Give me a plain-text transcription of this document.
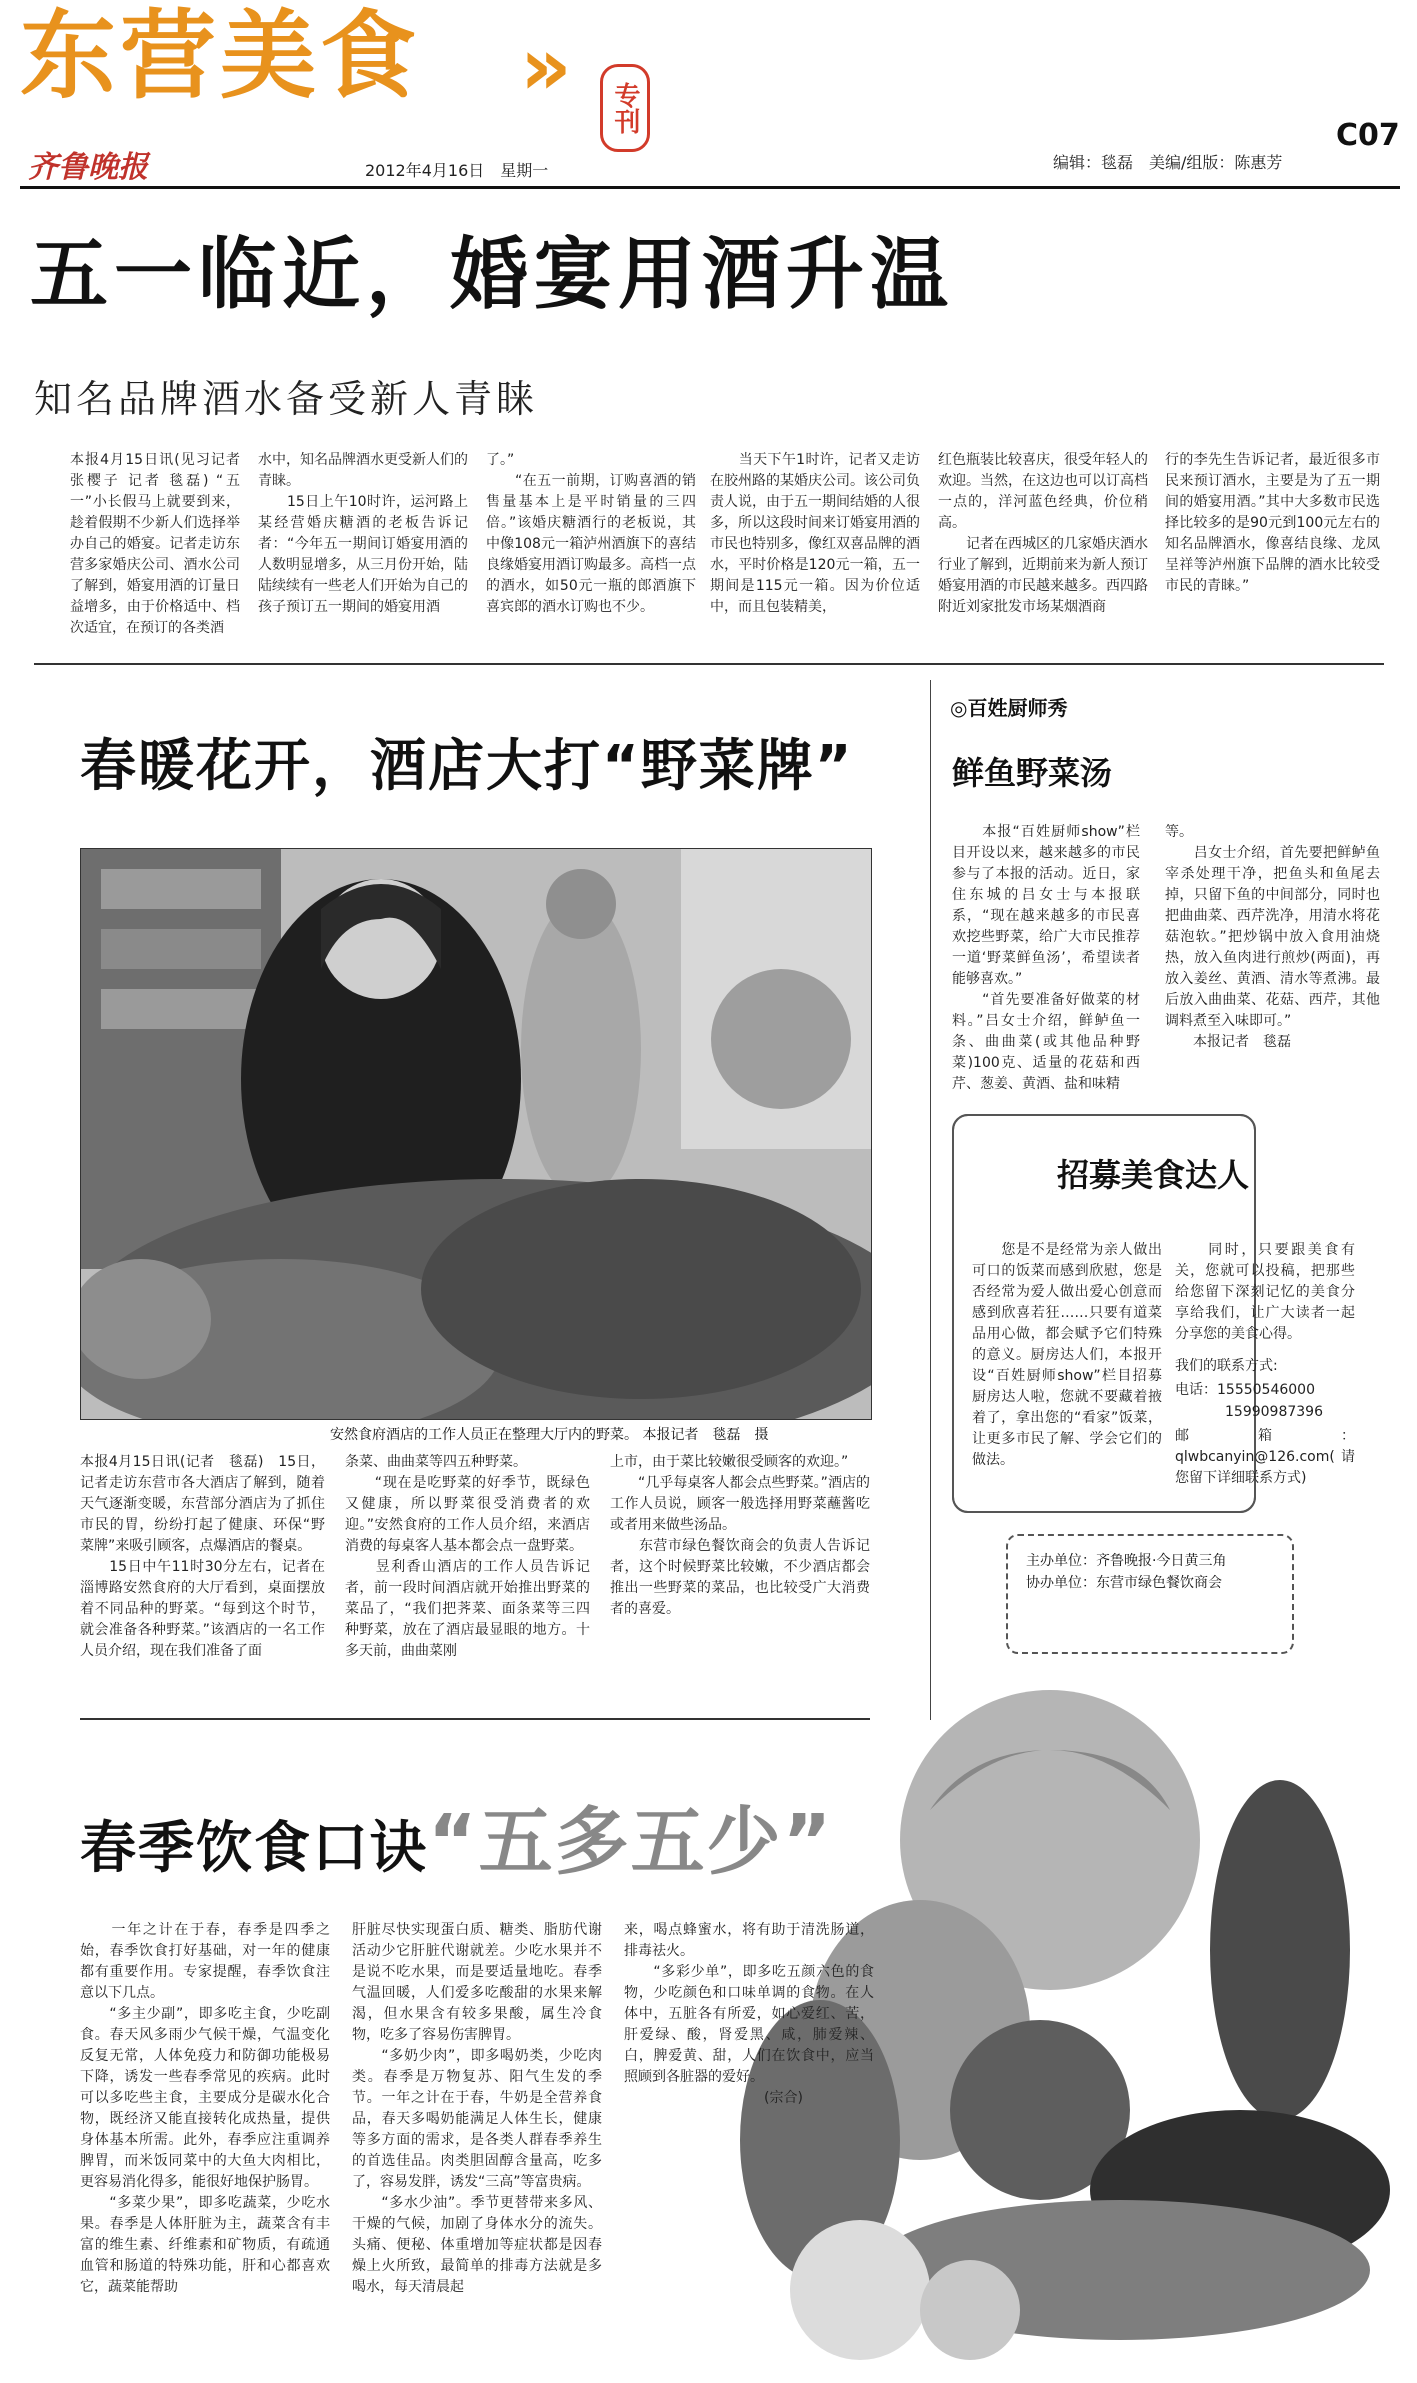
东营美食 »	专刊
齐鲁晚报	2012年4月16日　星期一	编辑：毯磊　美编/组版：陈惠芳
C07
五一临近，婚宴用酒升温
知名品牌酒水备受新人青睐
本报4月15日讯(见习记者 张樱子 记者 毯磊) “五一”小长假马上就要到来，趁着假期不少新人们选择举办自己的婚宴。记者走访东营多家婚庆公司、酒水公司了解到，婚宴用酒的订量日益增多，由于价格适中、档次适宜，在预订的各类酒
水中，知名品牌酒水更受新人们的青睐。
　　15日上午10时许，运河路上某经营婚庆糖酒的老板告诉记者：“今年五一期间订婚宴用酒的人数明显增多，从三月份开始，陆陆续续有一些老人们开始为自己的孩子预订五一期间的婚宴用酒
了。”
　　“在五一前期，订购喜酒的销售量基本上是平时销量的三四倍。”该婚庆糖酒行的老板说，其中像108元一箱泸州酒旗下的喜结良缘婚宴用酒订购最多。高档一点的酒水，如50元一瓶的郎酒旗下喜宾郎的酒水订购也不少。
　　当天下午1时许，记者又走访在胶州路的某婚庆公司。该公司负责人说，由于五一期间结婚的人很多，所以这段时间来订婚宴用酒的市民也特别多，像红双喜品牌的酒水，平时价格是120元一箱，五一期间是115元一箱。因为价位适中，而且包装精美，
红色瓶装比较喜庆，很受年轻人的欢迎。当然，在这边也可以订高档一点的，洋河蓝色经典，价位稍高。
　　记者在西城区的几家婚庆酒水行业了解到，近期前来为新人预订婚宴用酒的市民越来越多。西四路附近刘家批发市场某烟酒商
行的李先生告诉记者，最近很多市民来预订酒水，主要是为了五一期间的婚宴用酒。”其中大多数市民选择比较多的是90元到100元左右的知名品牌酒水，像喜结良缘、龙凤呈祥等泸州旗下品牌的酒水比较受市民的青睐。”
春暖花开，酒店大打“野菜牌”
安然食府酒店的工作人员正在整理大厅内的野菜。 本报记者　毯磊　摄
本报4月15日讯(记者　毯磊)　15日，记者走访东营市各大酒店了解到，随着天气逐渐变暖，东营部分酒店为了抓住市民的胃，纷纷打起了健康、环保“野菜牌”来吸引顾客，点爆酒店的餐桌。
　　15日中午11时30分左右，记者在淄博路安然食府的大厅看到，桌面摆放着不同品种的野菜。“每到这个时节，就会准备各种野菜。”该酒店的一名工作人员介绍，现在我们准备了面
条菜、曲曲菜等四五种野菜。
　　“现在是吃野菜的好季节，既绿色又健康，所以野菜很受消费者的欢迎。”安然食府的工作人员介绍，来酒店消费的每桌客人基本都会点一盘野菜。
　　昱利香山酒店的工作人员告诉记者，前一段时间酒店就开始推出野菜的菜品了，“我们把荠菜、面条菜等三四种野菜，放在了酒店最显眼的地方。十多天前，曲曲菜刚
上市，由于菜比较嫩很受顾客的欢迎。”
　　“几乎每桌客人都会点些野菜。”酒店的工作人员说，顾客一般选择用野菜蘸酱吃或者用来做些汤品。
　　东营市绿色餐饮商会的负责人告诉记者，这个时候野菜比较嫩，不少酒店都会推出一些野菜的菜品，也比较受广大消费者的喜爱。
◎百姓厨师秀
鲜鱼野菜汤
　　本报“百姓厨师show”栏目开设以来，越来越多的市民参与了本报的活动。近日，家住东城的吕女士与本报联系，“现在越来越多的市民喜欢挖些野菜，给广大市民推荐一道‘野菜鲜鱼汤’，希望读者能够喜欢。”
　　“首先要准备好做菜的材料。”吕女士介绍，鲜鲈鱼一条、曲曲菜(或其他品种野菜)100克、适量的花菇和西芹、葱姜、黄酒、盐和味精
等。
　　吕女士介绍，首先要把鲜鲈鱼宰杀处理干净，把鱼头和鱼尾去掉，只留下鱼的中间部分，同时也把曲曲菜、西芹洗净，用清水将花菇泡软。”把炒锅中放入食用油烧热，放入鱼肉进行煎炒(两面)，再放入姜丝、黄酒、清水等煮沸。最后放入曲曲菜、花菇、西芹，其他调料煮至入味即可。”
　　本报记者　毯磊
招募美食达人
　　您是不是经常为亲人做出可口的饭菜而感到欣慰，您是否经常为爱人做出爱心创意而感到欣喜若狂……只要有道菜品用心做，都会赋予它们特殊的意义。厨房达人们，本报开设“百姓厨师show”栏目招募厨房达人啦，您就不要藏着掖着了，拿出您的“看家”饭菜，让更多市民了解、学会它们的做法。
　　同时，只要跟美食有关，您就可以投稿，把那些给您留下深刻记忆的美食分享给我们，让广大读者一起分享您的美食心得。
我们的联系方式:
电话：15550546000
15990987396
邮箱：qlwbcanyin@126.com(请您留下详细联系方式)
主办单位：齐鲁晚报·今日黄三角
协办单位：东营市绿色餐饮商会
春季饮食口诀“五多五少”
　　一年之计在于春，春季是四季之始，春季饮食打好基础，对一年的健康都有重要作用。专家提醒，春季饮食注意以下几点。
　　“多主少副”，即多吃主食，少吃副食。春天风多雨少气候干燥，气温变化反复无常，人体免疫力和防御功能极易下降，诱发一些春季常见的疾病。此时可以多吃些主食，主要成分是碳水化合物，既经济又能直接转化成热量，提供身体基本所需。此外，春季应注重调养脾胃，而米饭同菜中的大鱼大肉相比，更容易消化得多，能很好地保护肠胃。
　　“多菜少果”，即多吃蔬菜，少吃水果。春季是人体肝脏为主，蔬菜含有丰富的维生素、纤维素和矿物质，有疏通血管和肠道的特殊功能，肝和心都喜欢它，蔬菜能帮助
肝脏尽快实现蛋白质、糖类、脂肪代谢活动少它肝脏代谢就差。少吃水果并不是说不吃水果，而是要适量地吃。春季气温回暖，人们爱多吃酸甜的水果来解渴，但水果含有较多果酸，属生冷食物，吃多了容易伤害脾胃。
　　“多奶少肉”，即多喝奶类，少吃肉类。春季是万物复苏、阳气生发的季节。一年之计在于春，牛奶是全营养食品，春天多喝奶能满足人体生长，健康等多方面的需求，是各类人群春季养生的首选佳品。肉类胆固醇含量高，吃多了，容易发胖，诱发“三高”等富贵病。
　　“多水少油”。季节更替带来多风、干燥的气候，加剧了身体水分的流失。头痛、便秘、体重增加等症状都是因春燥上火所致，最简单的排毒方法就是多喝水，每天清晨起
来，喝点蜂蜜水，将有助于清洗肠道，排毒祛火。
　　“多彩少单”，即多吃五颜六色的食物，少吃颜色和口味单调的食物。在人体中，五脏各有所爱，如心爱红、苦，肝爱绿、酸，肾爱黑、咸，肺爱辣、白，脾爱黄、甜，人们在饮食中，应当照顾到各脏器的爱好。
　　　　　　　　　　(宗合)
